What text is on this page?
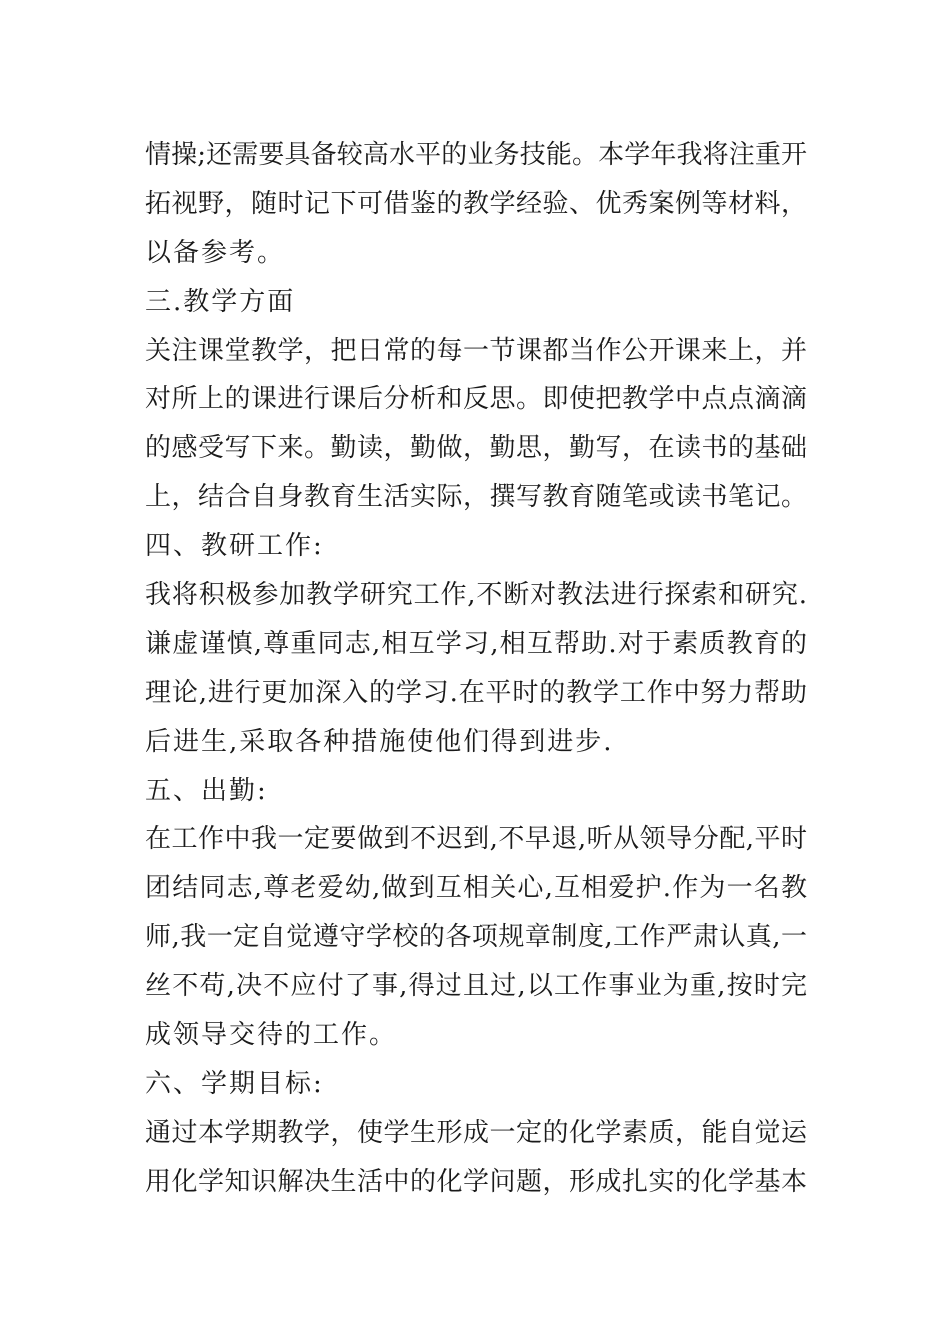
情操;还需要具备较高水平的业务技能。本学年我将注重开
拓视野，随时记下可借鉴的教学经验、优秀案例等材料，
以备参考。
三.教学方面
关注课堂教学，把日常的每一节课都当作公开课来上，并
对所上的课进行课后分析和反思。即使把教学中点点滴滴
的感受写下来。勤读，勤做，勤思，勤写，在读书的基础
上，结合自身教育生活实际，撰写教育随笔或读书笔记。
四、教研工作:
我将积极参加教学研究工作,不断对教法进行探索和研究.
谦虚谨慎,尊重同志,相互学习,相互帮助.对于素质教育的
理论,进行更加深入的学习.在平时的教学工作中努力帮助
后进生,采取各种措施使他们得到进步.
五、出勤:
在工作中我一定要做到不迟到,不早退,听从领导分配,平时
团结同志,尊老爱幼,做到互相关心,互相爱护.作为一名教
师,我一定自觉遵守学校的各项规章制度,工作严肃认真,一
丝不苟,决不应付了事,得过且过,以工作事业为重,按时完
成领导交待的工作。
六、学期目标:
通过本学期教学，使学生形成一定的化学素质，能自觉运
用化学知识解决生活中的化学问题，形成扎实的化学基本
